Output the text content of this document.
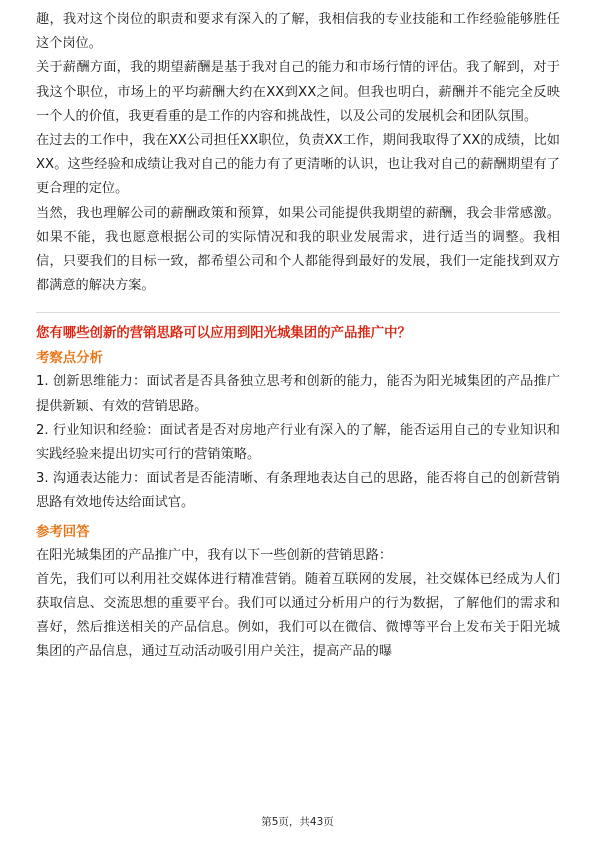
趣，我对这个岗位的职责和要求有深入的了解，我相信我的专业技能和工作经验能够胜任这个岗位。

关于薪酬方面，我的期望薪酬是基于我对自己的能力和市场行情的评估。我了解到，对于我这个职位，市场上的平均薪酬大约在XX到XX之间。但我也明白，薪酬并不能完全反映一个人的价值，我更看重的是工作的内容和挑战性，以及公司的发展机会和团队氛围。

在过去的工作中，我在XX公司担任XX职位，负责XX工作，期间我取得了XX的成绩，比如XX。这些经验和成绩让我对自己的能力有了更清晰的认识，也让我对自己的薪酬期望有了更合理的定位。

当然，我也理解公司的薪酬政策和预算，如果公司能提供我期望的薪酬，我会非常感激。如果不能，我也愿意根据公司的实际情况和我的职业发展需求，进行适当的调整。我相信，只要我们的目标一致，都希望公司和个人都能得到最好的发展，我们一定能找到双方都满意的解决方案。

您有哪些创新的营销思路可以应用到阳光城集团的产品推广中？
考察点分析

1. 创新思维能力：面试者是否具备独立思考和创新的能力，能否为阳光城集团的产品推广提供新颖、有效的营销思路。

2. 行业知识和经验：面试者是否对房地产行业有深入的了解，能否运用自己的专业知识和实践经验来提出切实可行的营销策略。

3. 沟通表达能力：面试者是否能清晰、有条理地表达自己的思路，能否将自己的创新营销思路有效地传达给面试官。

参考回答

在阳光城集团的产品推广中，我有以下一些创新的营销思路：

首先，我们可以利用社交媒体进行精准营销。随着互联网的发展，社交媒体已经成为人们获取信息、交流思想的重要平台。我们可以通过分析用户的行为数据，了解他们的需求和喜好，然后推送相关的产品信息。例如，我们可以在微信、微博等平台上发布关于阳光城集团的产品信息，通过互动活动吸引用户关注，提高产品的曝

第5页，共43页
